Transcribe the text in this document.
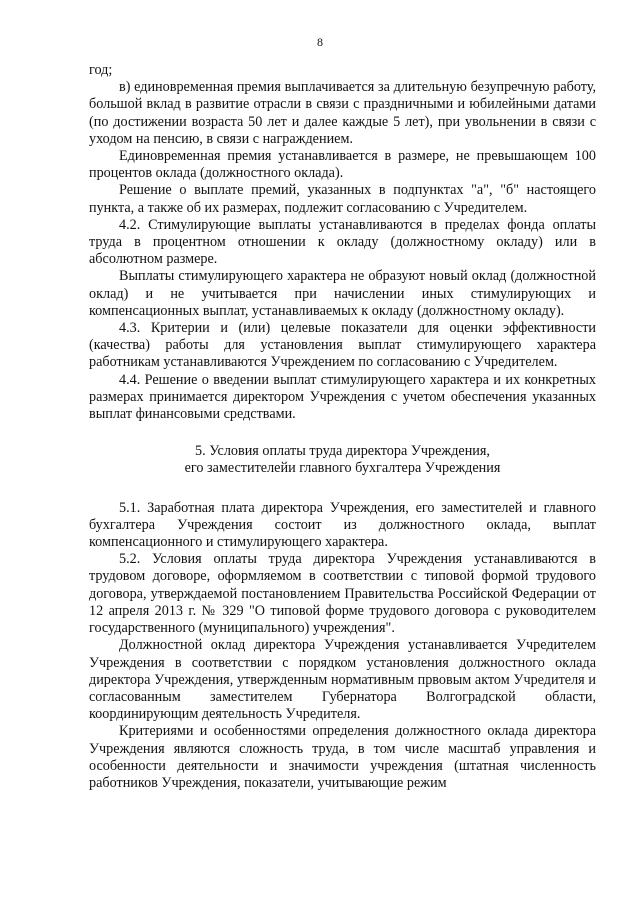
8

год;

в) единовременная премия выплачивается за длительную безупречную работу, большой вклад в развитие отрасли в связи с праздничными и юбилейными датами (по достижении возраста 50 лет и далее каждые 5 лет), при увольнении в связи с уходом на пенсию, в связи с награждением.

Единовременная премия устанавливается в размере, не превышающем 100 процентов оклада (должностного оклада).

Решение о выплате премий, указанных в подпунктах "а", "б" настоящего пункта, а также об их размерах, подлежит согласованию с Учредителем.

4.2. Стимулирующие выплаты устанавливаются в пределах фонда оплаты труда в процентном отношении к окладу (должностному окладу) или в абсолютном размере.

Выплаты стимулирующего характера не образуют новый оклад (должностной оклад) и не учитывается при начислении иных стимулирующих и компенсационных выплат, устанавливаемых к окладу (должностному окладу).

4.3. Критерии и (или) целевые показатели для оценки эффективности (качества) работы для установления выплат стимулирующего характера работникам устанавливаются Учреждением по согласованию с Учредителем.

4.4. Решение о введении выплат стимулирующего характера и их конкретных размерах принимается директором Учреждения с учетом обеспечения указанных выплат финансовыми средствами.

5. Условия оплаты труда директора Учреждения,
его заместителейи главного бухгалтера Учреждения

5.1. Заработная плата директора Учреждения, его заместителей и главного бухгалтера Учреждения состоит из должностного оклада, выплат компенсационного и стимулирующего характера.

5.2. Условия оплаты труда директора Учреждения устанавливаются в трудовом договоре, оформляемом в соответствии с типовой формой трудового договора, утверждаемой постановлением Правительства Российской Федерации от 12 апреля 2013 г. № 329 "О типовой форме трудового договора с руководителем государственного (муниципального) учреждения".

Должностной оклад директора Учреждения устанавливается Учредителем Учреждения в соответствии с порядком установления должностного оклада директора Учреждения, утвержденным нормативным првовым актом Учредителя и согласованным заместителем Губернатора Волгоградской области, координирующим деятельность Учредителя.

Критериями и особенностями определения должностного оклада директора Учреждения являются сложность труда, в том числе масштаб управления и особенности деятельности и значимости учреждения (штатная численность работников Учреждения, показатели, учитывающие режим
